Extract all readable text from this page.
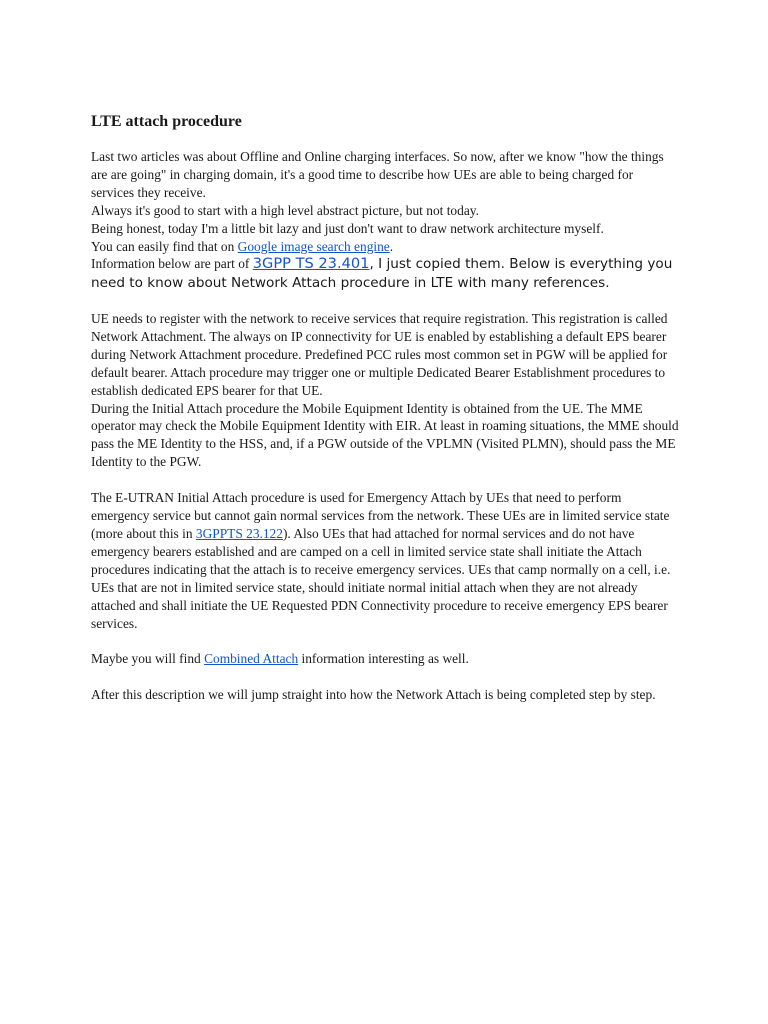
LTE attach procedure

Last two articles was about Offline and Online charging interfaces. So now, after we know "how the things are are going" in charging domain, it's a good time to describe how UEs are able to being charged for services they receive.

Always it's good to start with a high level abstract picture, but not today.

Being honest, today I'm a little bit lazy and just don't want to draw network architecture myself.

You can easily find that on Google image search engine.

Information below are part of 3GPP TS 23.401, I just copied them. Below is everything you need to know about Network Attach procedure in LTE with many references.

UE needs to register with the network to receive services that require registration. This registration is called Network Attachment. The always on IP connectivity for UE is enabled by establishing a default EPS bearer during Network Attachment procedure. Predefined PCC rules most common set in PGW will be applied for default bearer. Attach procedure may trigger one or multiple Dedicated Bearer Establishment procedures to establish dedicated EPS bearer for that UE.

During the Initial Attach procedure the Mobile Equipment Identity is obtained from the UE. The MME operator may check the Mobile Equipment Identity with EIR. At least in roaming situations, the MME should pass the ME Identity to the HSS, and, if a PGW outside of the VPLMN (Visited PLMN), should pass the ME Identity to the PGW.

The E-UTRAN Initial Attach procedure is used for Emergency Attach by UEs that need to perform emergency service but cannot gain normal services from the network. These UEs are in limited service state (more about this in 3GPPTS 23.122). Also UEs that had attached for normal services and do not have emergency bearers established and are camped on a cell in limited service state shall initiate the Attach procedures indicating that the attach is to receive emergency services. UEs that camp normally on a cell, i.e. UEs that are not in limited service state, should initiate normal initial attach when they are not already attached and shall initiate the UE Requested PDN Connectivity procedure to receive emergency EPS bearer services.

Maybe you will find Combined Attach information interesting as well.

After this description we will jump straight into how the Network Attach is being completed step by step.
